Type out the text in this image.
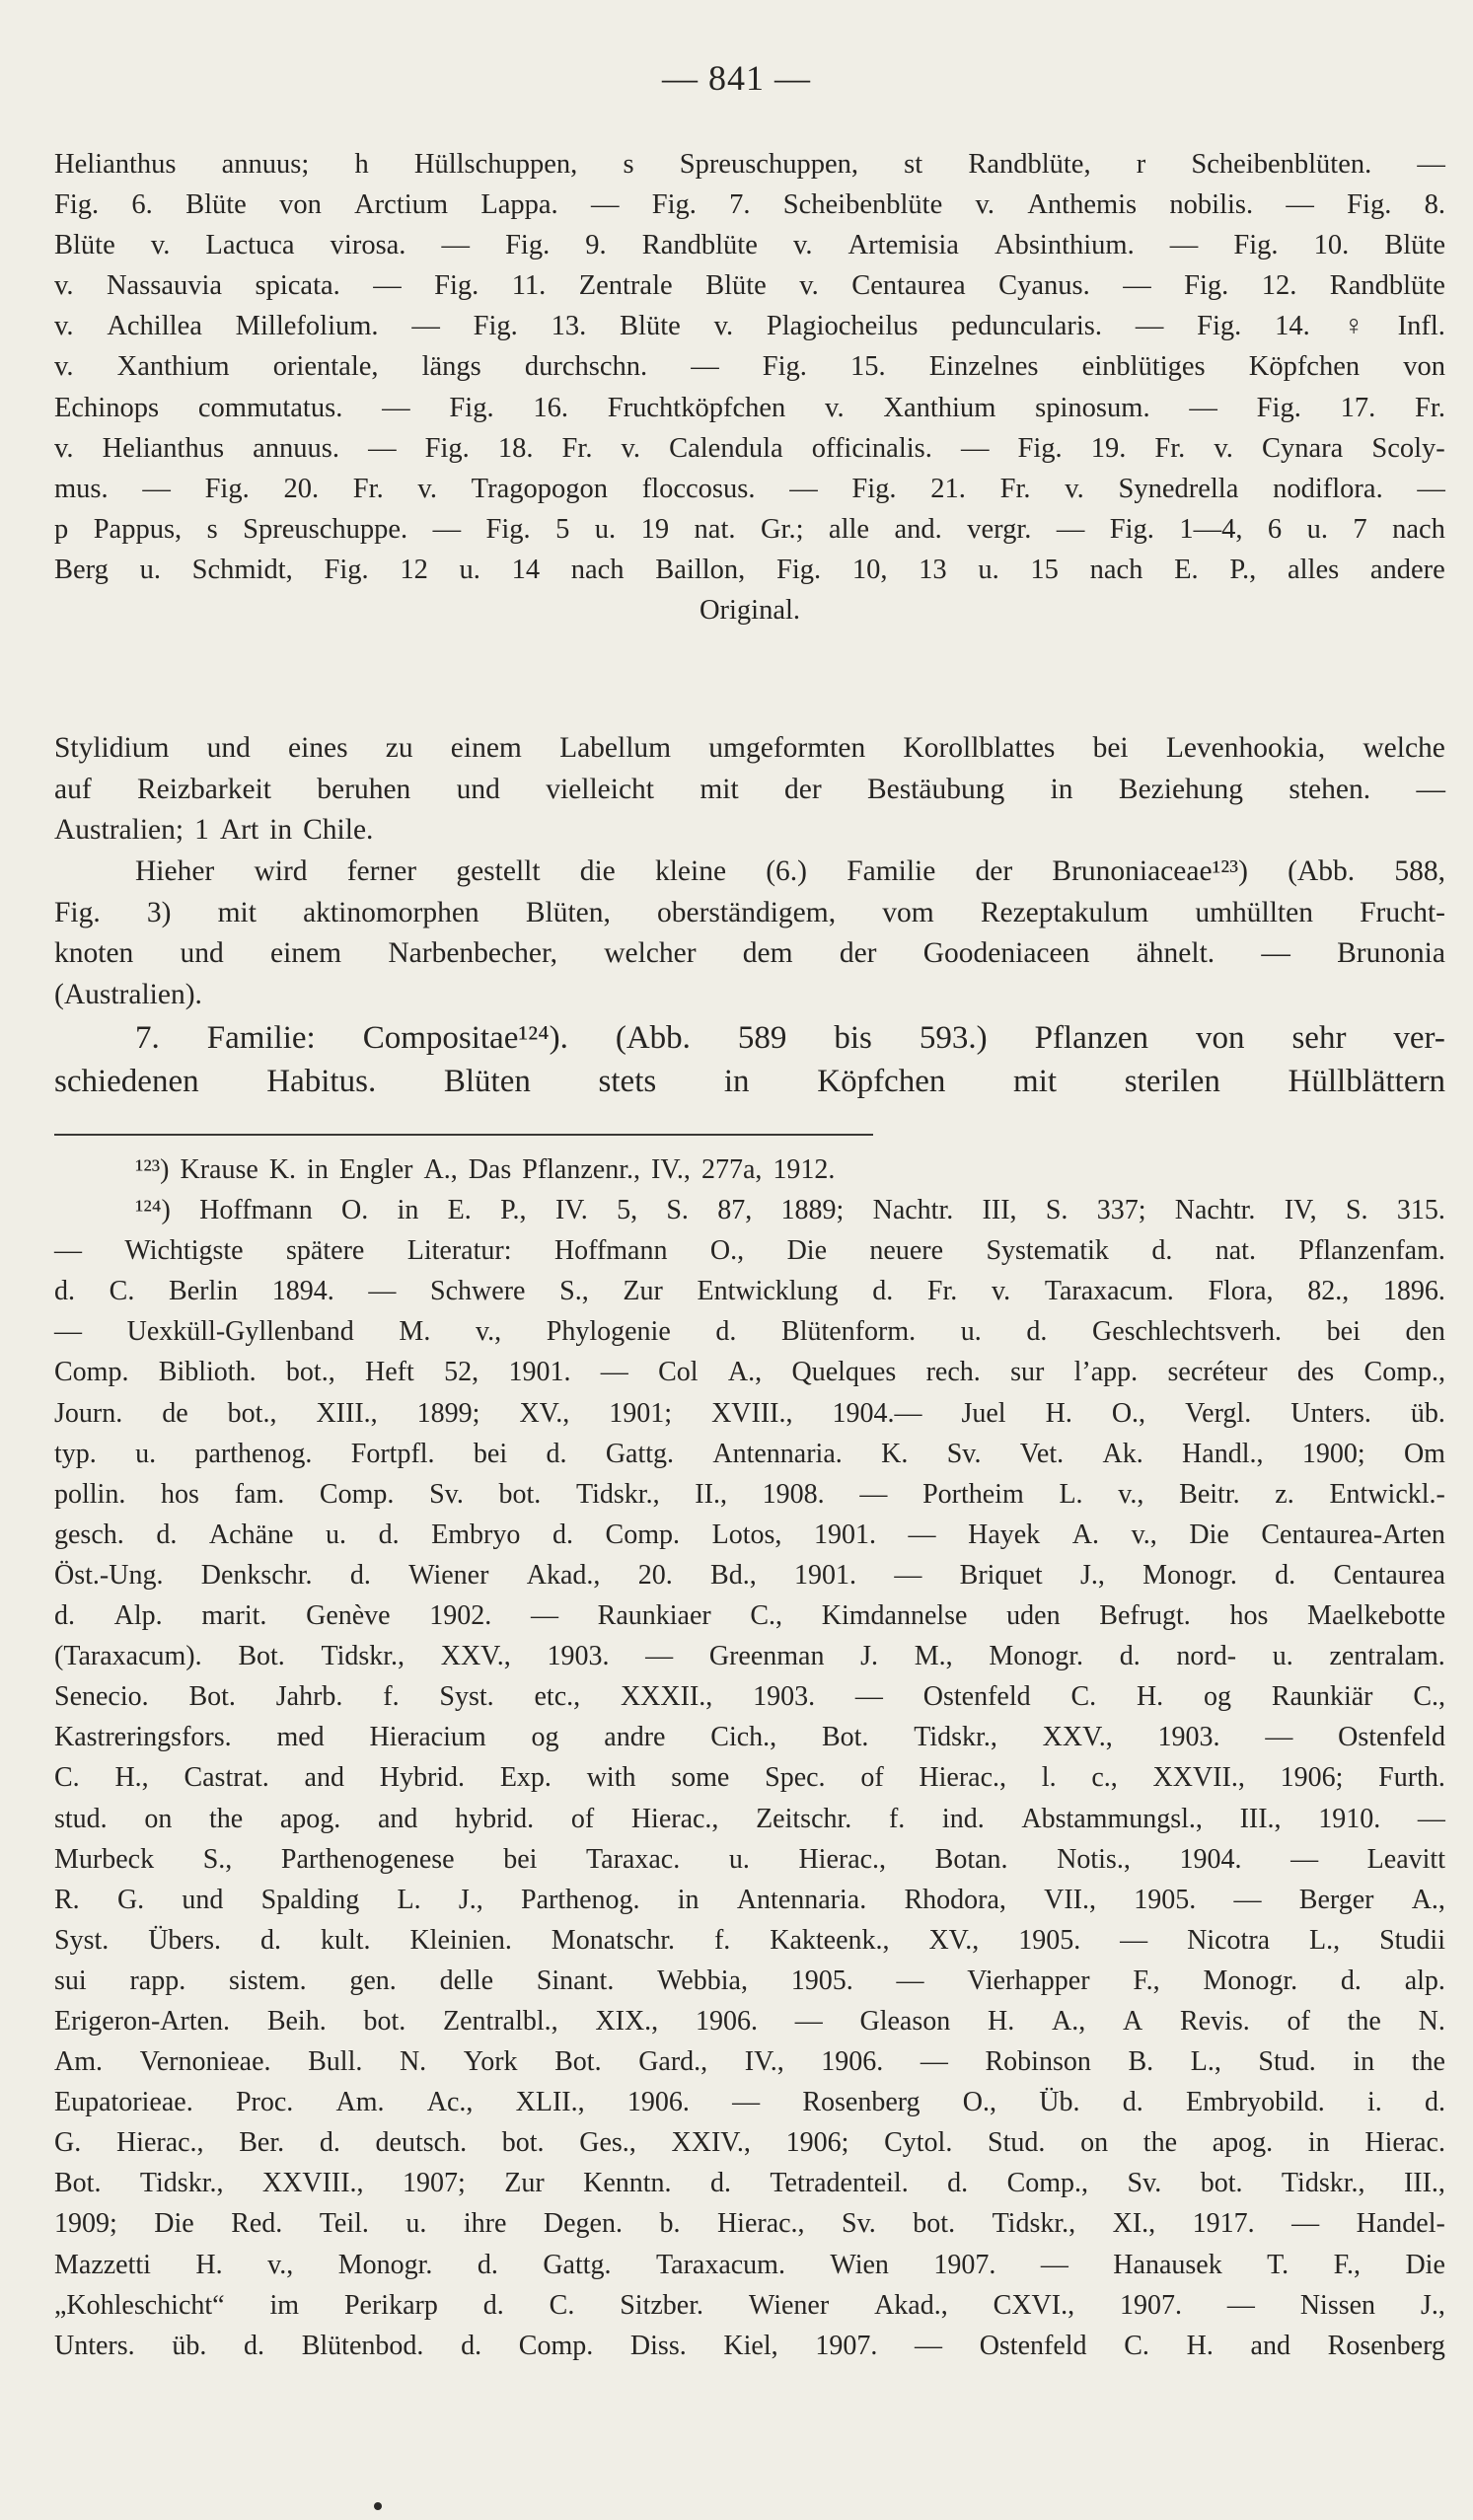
— 841 —
Helianthus annuus; h Hüllschuppen, s Spreuschuppen, st Randblüte, r Scheibenblüten. —
Fig. 6. Blüte von Arctium Lappa. — Fig. 7. Scheibenblüte v. Anthemis nobilis. — Fig. 8.
Blüte v. Lactuca virosa. — Fig. 9. Randblüte v. Artemisia Absinthium. — Fig. 10. Blüte
v. Nassauvia spicata. — Fig. 11. Zentrale Blüte v. Centaurea Cyanus. — Fig. 12. Randblüte
v. Achillea Millefolium. — Fig. 13. Blüte v. Plagiocheilus peduncularis. — Fig. 14. ♀ Infl.
v. Xanthium orientale, längs durchschn. — Fig. 15. Einzelnes einblütiges Köpfchen von
Echinops commutatus. — Fig. 16. Fruchtköpfchen v. Xanthium spinosum. — Fig. 17. Fr.
v. Helianthus annuus. — Fig. 18. Fr. v. Calendula officinalis. — Fig. 19. Fr. v. Cynara Scoly-
mus. — Fig. 20. Fr. v. Tragopogon floccosus. — Fig. 21. Fr. v. Synedrella nodiflora. —
p Pappus, s Spreuschuppe. — Fig. 5 u. 19 nat. Gr.; alle and. vergr. — Fig. 1—4, 6 u. 7 nach
Berg u. Schmidt, Fig. 12 u. 14 nach Baillon, Fig. 10, 13 u. 15 nach E. P., alles andere
Original.
Stylidium und eines zu einem Labellum umgeformten Korollblattes bei Levenhookia, welche
auf Reizbarkeit beruhen und vielleicht mit der Bestäubung in Beziehung stehen. —
Australien; 1 Art in Chile.
Hieher wird ferner gestellt die kleine (6.) Familie der Brunoniaceae¹²³) (Abb. 588,
Fig. 3) mit aktinomorphen Blüten, oberständigem, vom Rezeptakulum umhüllten Frucht-
knoten und einem Narbenbecher, welcher dem der Goodeniaceen ähnelt. — Brunonia
(Australien).
7. Familie: Compositae¹²⁴). (Abb. 589 bis 593.) Pflanzen von sehr ver-
schiedenen Habitus. Blüten stets in Köpfchen mit sterilen Hüllblättern
¹²³) Krause K. in Engler A., Das Pflanzenr., IV., 277a, 1912.
¹²⁴) Hoffmann O. in E. P., IV. 5, S. 87, 1889; Nachtr. III, S. 337; Nachtr. IV, S. 315.
— Wichtigste spätere Literatur: Hoffmann O., Die neuere Systematik d. nat. Pflanzenfam.
d. C. Berlin 1894. — Schwere S., Zur Entwicklung d. Fr. v. Taraxacum. Flora, 82., 1896.
— Uexküll-Gyllenband M. v., Phylogenie d. Blütenform. u. d. Geschlechtsverh. bei den
Comp. Biblioth. bot., Heft 52, 1901. — Col A., Quelques rech. sur l’app. secréteur des Comp.,
Journ. de bot., XIII., 1899; XV., 1901; XVIII., 1904.— Juel H. O., Vergl. Unters. üb.
typ. u. parthenog. Fortpfl. bei d. Gattg. Antennaria. K. Sv. Vet. Ak. Handl., 1900; Om
pollin. hos fam. Comp. Sv. bot. Tidskr., II., 1908. — Portheim L. v., Beitr. z. Entwickl.-
gesch. d. Achäne u. d. Embryo d. Comp. Lotos, 1901. — Hayek A. v., Die Centaurea-Arten
Öst.-Ung. Denkschr. d. Wiener Akad., 20. Bd., 1901. — Briquet J., Monogr. d. Centaurea
d. Alp. marit. Genève 1902. — Raunkiaer C., Kimdannelse uden Befrugt. hos Maelkebotte
(Taraxacum). Bot. Tidskr., XXV., 1903. — Greenman J. M., Monogr. d. nord- u. zentralam.
Senecio. Bot. Jahrb. f. Syst. etc., XXXII., 1903. — Ostenfeld C. H. og Raunkiär C.,
Kastreringsfors. med Hieracium og andre Cich., Bot. Tidskr., XXV., 1903. — Ostenfeld
C. H., Castrat. and Hybrid. Exp. with some Spec. of Hierac., l. c., XXVII., 1906; Furth.
stud. on the apog. and hybrid. of Hierac., Zeitschr. f. ind. Abstammungsl., III., 1910. —
Murbeck S., Parthenogenese bei Taraxac. u. Hierac., Botan. Notis., 1904. — Leavitt
R. G. und Spalding L. J., Parthenog. in Antennaria. Rhodora, VII., 1905. — Berger A.,
Syst. Übers. d. kult. Kleinien. Monatschr. f. Kakteenk., XV., 1905. — Nicotra L., Studii
sui rapp. sistem. gen. delle Sinant. Webbia, 1905. — Vierhapper F., Monogr. d. alp.
Erigeron-Arten. Beih. bot. Zentralbl., XIX., 1906. — Gleason H. A., A Revis. of the N.
Am. Vernonieae. Bull. N. York Bot. Gard., IV., 1906. — Robinson B. L., Stud. in the
Eupatorieae. Proc. Am. Ac., XLII., 1906. — Rosenberg O., Üb. d. Embryobild. i. d.
G. Hierac., Ber. d. deutsch. bot. Ges., XXIV., 1906; Cytol. Stud. on the apog. in Hierac.
Bot. Tidskr., XXVIII., 1907; Zur Kenntn. d. Tetradenteil. d. Comp., Sv. bot. Tidskr., III.,
1909; Die Red. Teil. u. ihre Degen. b. Hierac., Sv. bot. Tidskr., XI., 1917. — Handel-
Mazzetti H. v., Monogr. d. Gattg. Taraxacum. Wien 1907. — Hanausek T. F., Die
„Kohleschicht“ im Perikarp d. C. Sitzber. Wiener Akad., CXVI., 1907. — Nissen J.,
Unters. üb. d. Blütenbod. d. Comp. Diss. Kiel, 1907. — Ostenfeld C. H. and Rosenberg
